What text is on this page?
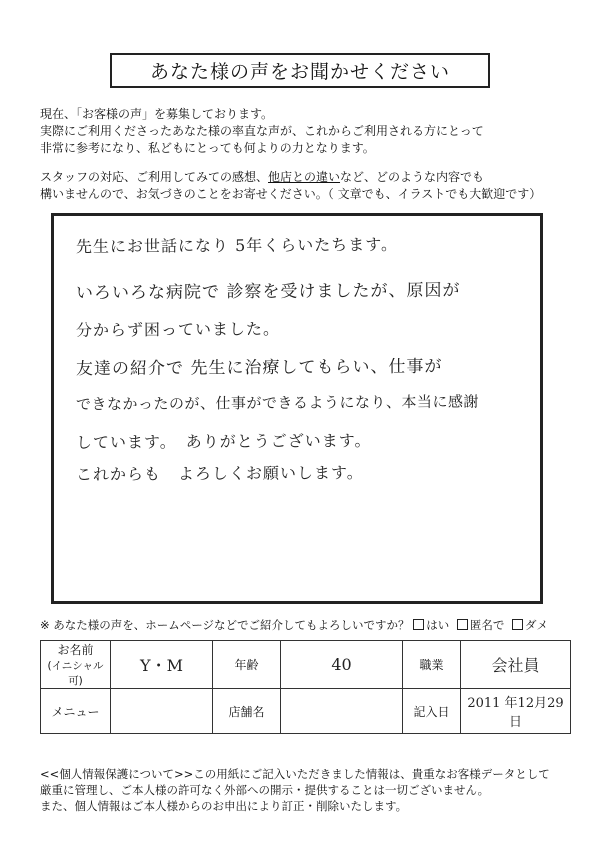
あなた様の声をお聞かせください

現在、「お客様の声」を募集しております。

実際にご利用くださったあなた様の率直な声が、これからご利用される方にとって

非常に参考になり、私どもにとっても何よりの力となります。

スタッフの対応、ご利用してみての感想、他店との違いなど、どのような内容でも

構いませんので、お気づきのことをお寄せください。（ 文章でも、イラストでも大歓迎です）

先生にお世話になり 5年くらいたちます。
いろいろな病院で 診察を受けましたが、原因が
分からず困っていました。
友達の紹介で 先生に治療してもらい、仕事が
できなかったのが、仕事ができるようになり、本当に感謝
しています。　ありがとうございます。
これからも　よろしくお願いします。
※ あなた様の声を、ホームページなどでご紹介してもよろしいですか？ はい 匿名で ダメ
お名前
(イニシャル可)	Y・M	年齢	40	職業	会社員
メニュー		店舗名		記入日	2011 年12月29日

<<個人情報保護について>>この用紙にご記入いただきました情報は、貴重なお客様データとして

厳重に管理し、ご本人様の許可なく外部への開示・提供することは一切ございません。

また、個人情報はご本人様からのお申出により訂正・削除いたします。
